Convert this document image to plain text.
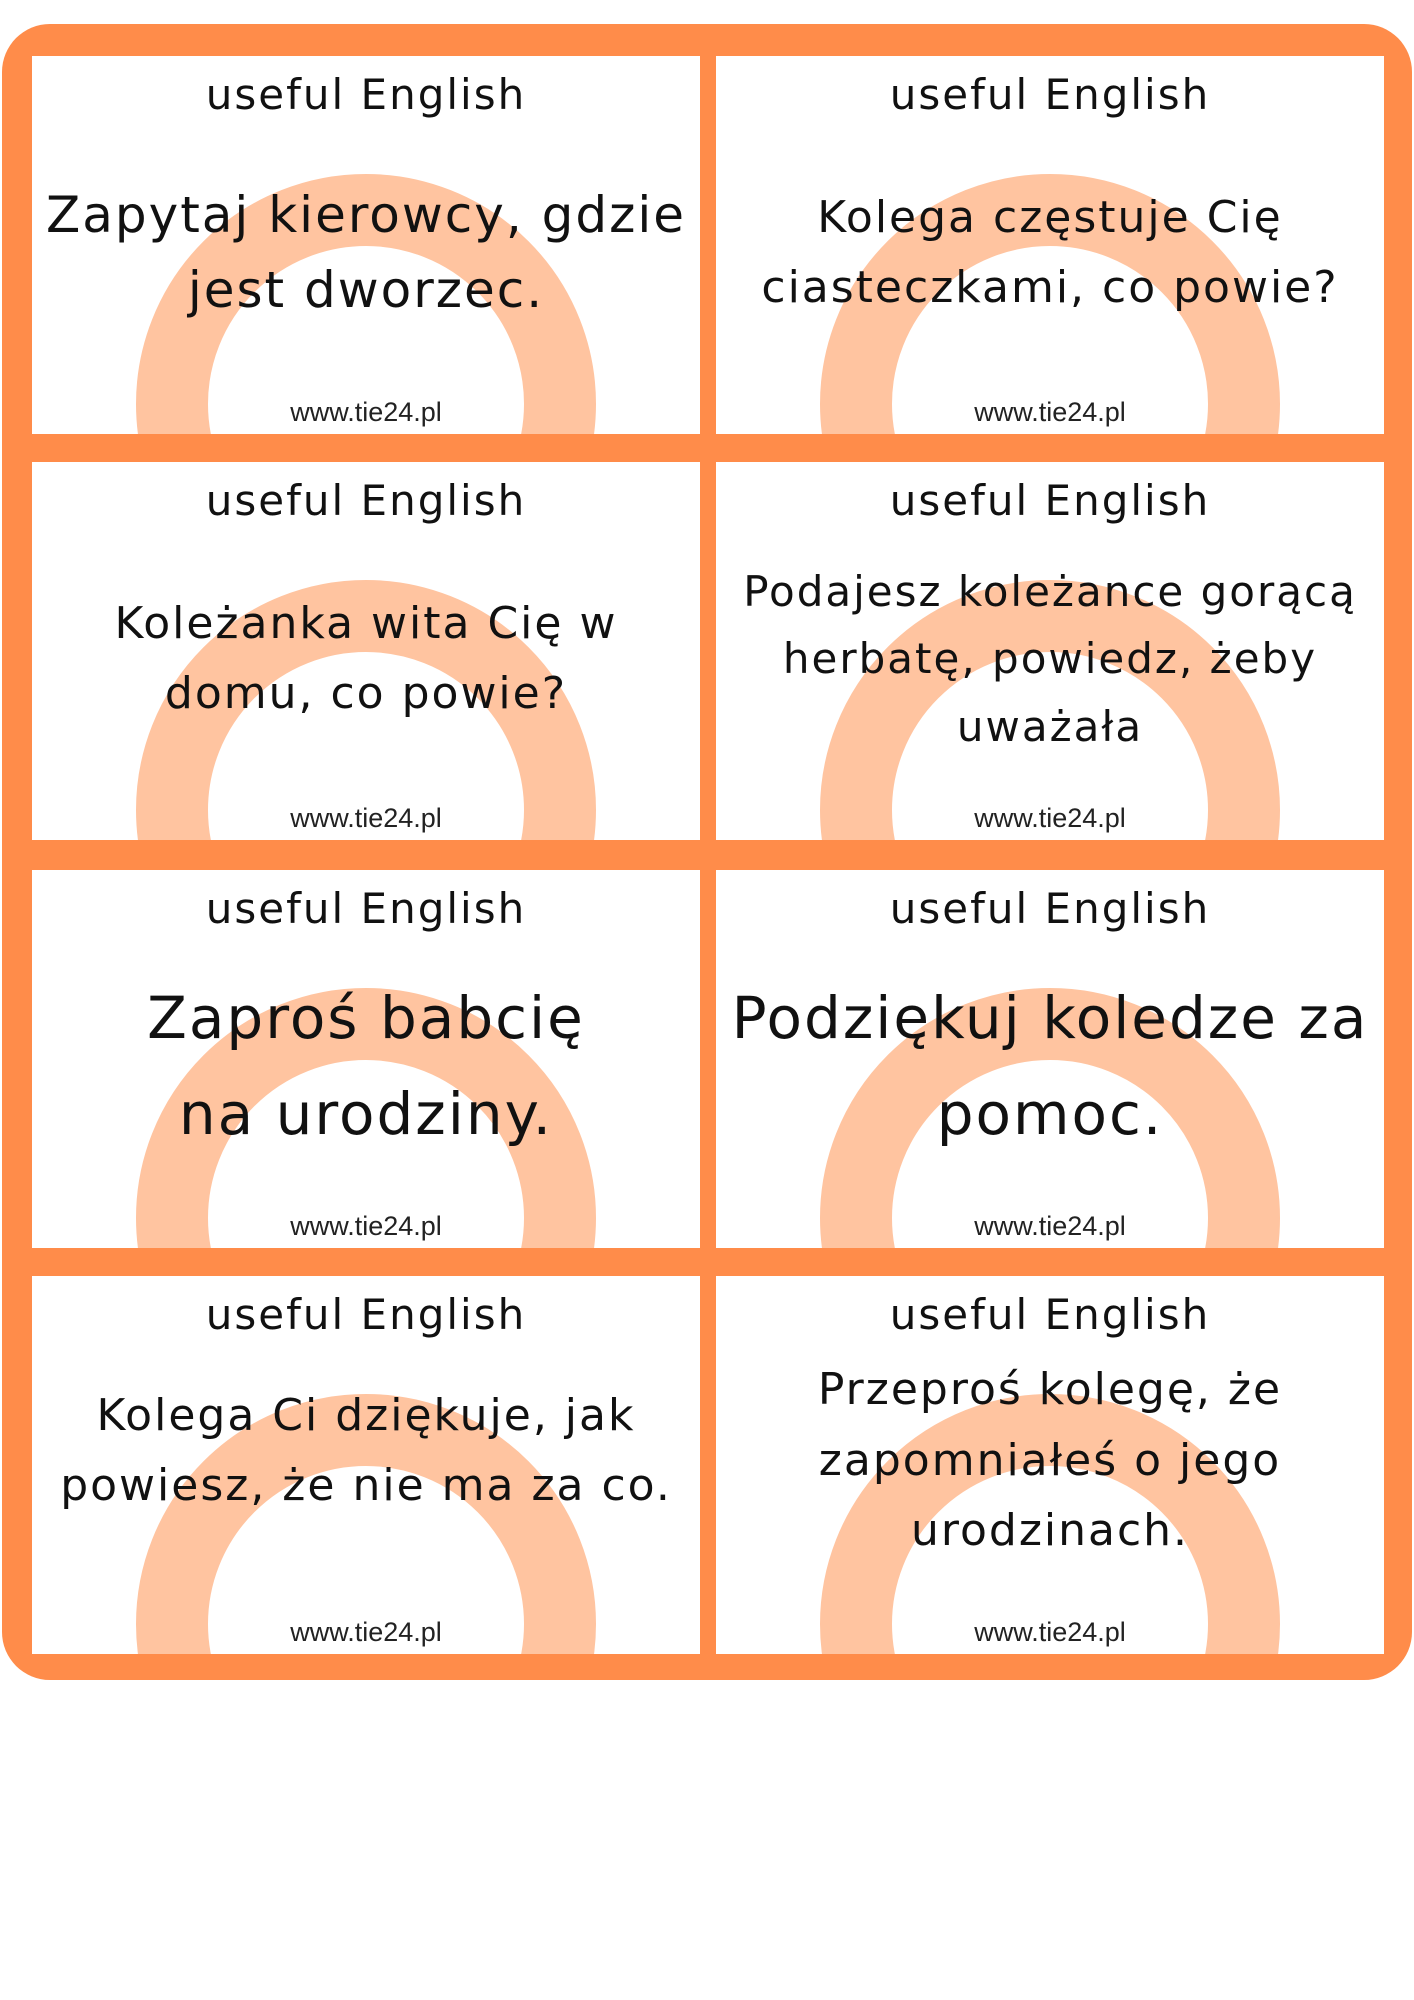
useful English
Zapytaj kierowcy, gdzie jest dworzec.
www.tie24.pl
useful English
Kolega częstuje Cię ciasteczkami, co powie?
www.tie24.pl
useful English
Koleżanka wita Cię w domu, co powie?
www.tie24.pl
useful English
Podajesz koleżance gorącą herbatę, powiedz, żeby uważała
www.tie24.pl
useful English
Zaproś babcię na urodziny.
www.tie24.pl
useful English
Podziękuj koledze za pomoc.
www.tie24.pl
useful English
Kolega Ci dziękuje, jak powiesz, że nie ma za co.
www.tie24.pl
useful English
Przeproś kolegę, że zapomniałeś o jego urodzinach.
www.tie24.pl
